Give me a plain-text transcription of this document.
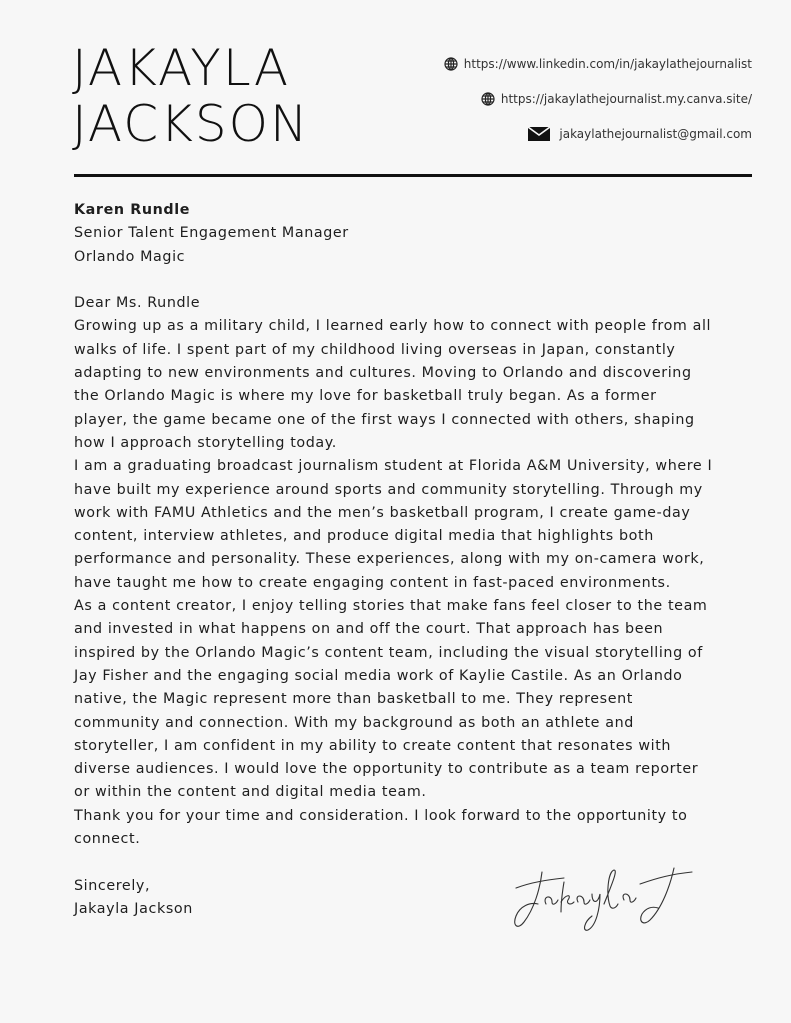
JAKAYLA
JACKSON
https://www.linkedin.com/in/jakaylathejournalist
https://jakaylathejournalist.my.canva.site/
jakaylathejournalist@gmail.com

Karen Rundle

Senior Talent Engagement Manager

Orlando Magic

Dear Ms. Rundle

Growing up as a military child, I learned early how to connect with people from all walks of life. I spent part of my childhood living overseas in Japan, constantly adapting to new environments and cultures. Moving to Orlando and discovering the Orlando Magic is where my love for basketball truly began. As a former player, the game became one of the first ways I connected with others, shaping how I approach storytelling today.

I am a graduating broadcast journalism student at Florida A&M University, where I have built my experience around sports and community storytelling. Through my work with FAMU Athletics and the men’s basketball program, I create game-day content, interview athletes, and produce digital media that highlights both performance and personality. These experiences, along with my on-camera work, have taught me how to create engaging content in fast-paced environments.

As a content creator, I enjoy telling stories that make fans feel closer to the team and invested in what happens on and off the court. That approach has been inspired by the Orlando Magic’s content team, including the visual storytelling of Jay Fisher and the engaging social media work of Kaylie Castile. As an Orlando native, the Magic represent more than basketball to me. They represent community and connection. With my background as both an athlete and storyteller, I am confident in my ability to create content that resonates with diverse audiences. I would love the opportunity to contribute as a team reporter or within the content and digital media team.

Thank you for your time and consideration. I look forward to the opportunity to connect.

Sincerely,

Jakayla Jackson
